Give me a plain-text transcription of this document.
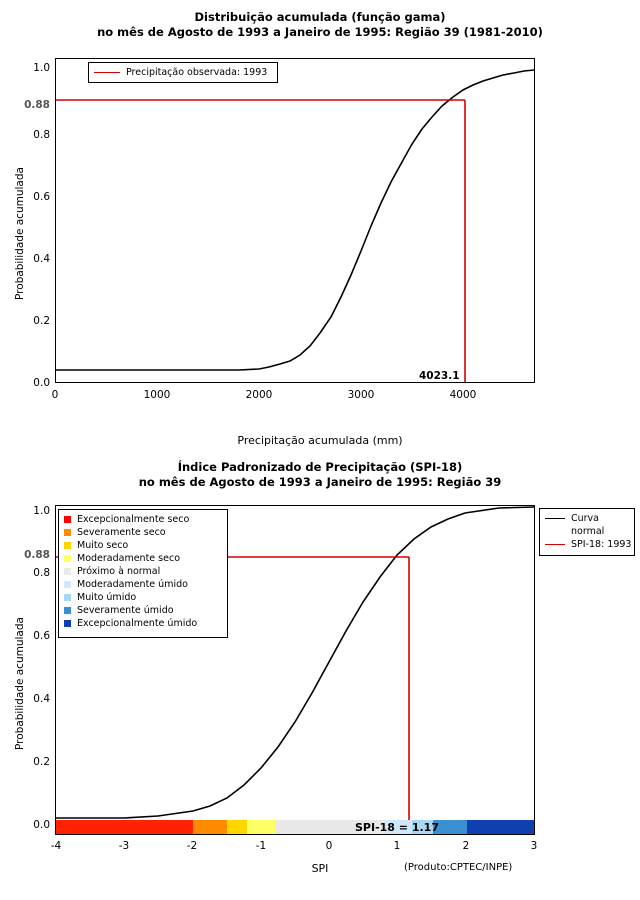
Distribuição acumulada (função gama)
no mês de Agosto de 1993 a Janeiro de 1995: Região 39 (1981-2010)
Probabilidade acumulada
0.0
0.2
0.4
0.6
0.8
1.0
0.88
0	1000	2000	3000	4000
4023.1
Precipitação acumulada (mm)
Precipitação observada: 1993
Índice Padronizado de Precipitação (SPI-18)
no mês de Agosto de 1993 a Janeiro de 1995: Região 39
Probabilidade acumulada
0.0
0.2
0.4
0.6
0.8
1.0
0.88
SPI-18 = 1.17
-4	-3	-2	-1	0	1	2	3
SPI	(Produto:CPTEC/INPE)
Excepcionalmente seco
Severamente seco
Muito seco
Moderadamente seco
Próximo à normal
Moderadamente úmido
Muito úmido
Severamente úmido
Excepcionalmente úmido
Curva
normal
SPI-18: 1993
